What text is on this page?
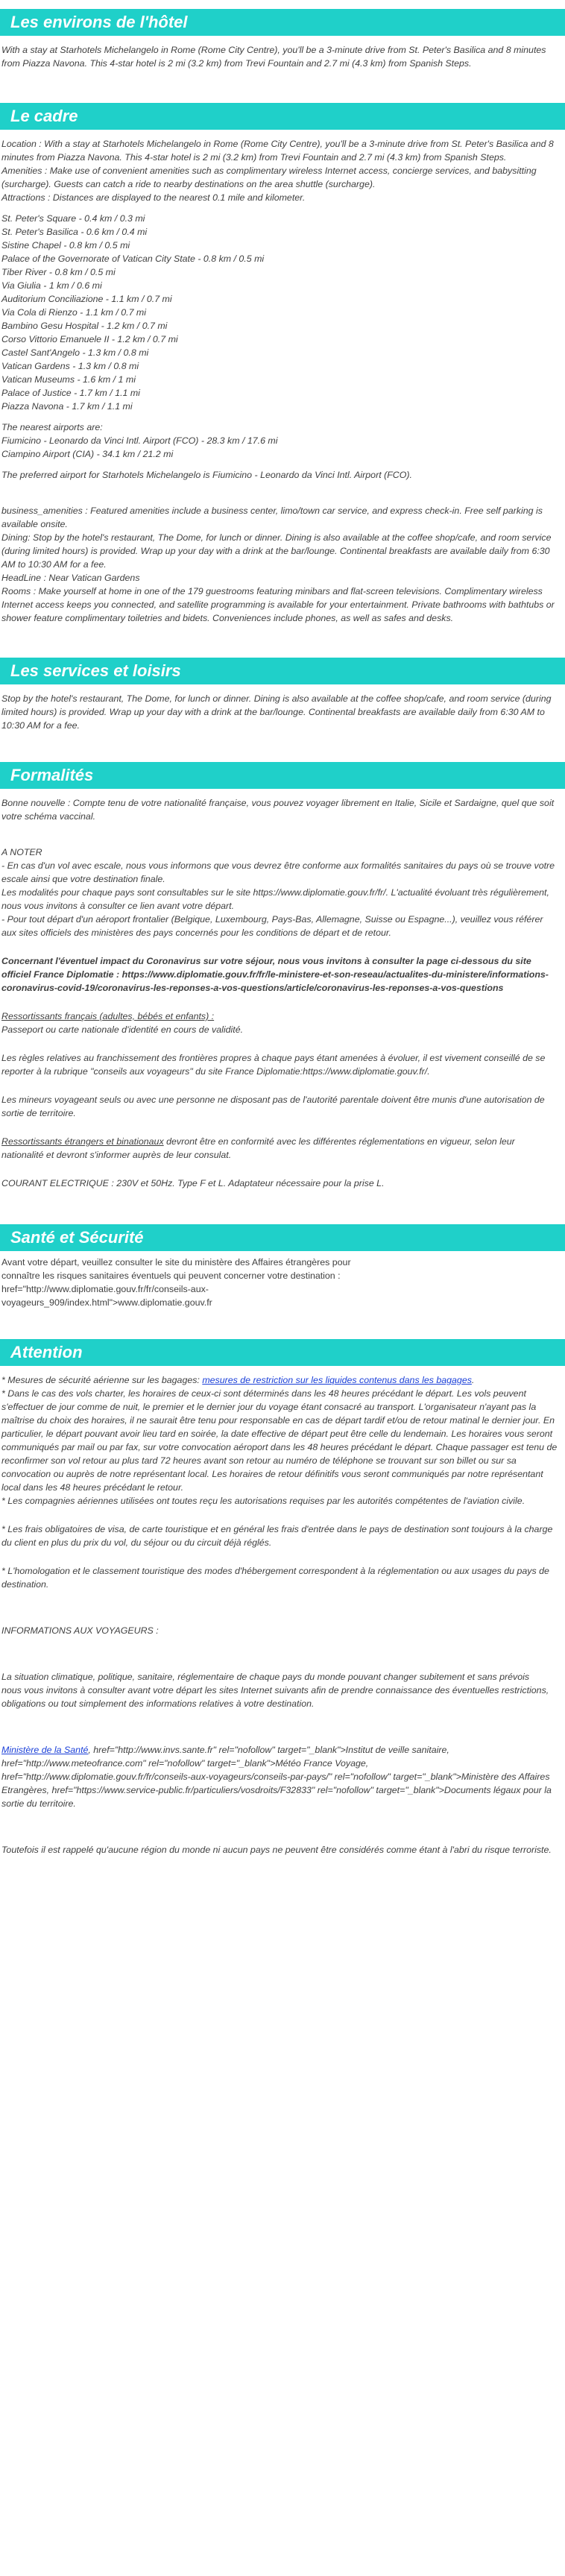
Les environs de l'hôtel

With a stay at Starhotels Michelangelo in Rome (Rome City Centre), you'll be a 3-minute drive from St. Peter's Basilica and 8 minutes from Piazza Navona. This 4-star hotel is 2 mi (3.2 km) from Trevi Fountain and 2.7 mi (4.3 km) from Spanish Steps.

Le cadre

Location : With a stay at Starhotels Michelangelo in Rome (Rome City Centre), you'll be a 3-minute drive from St. Peter's Basilica and 8 minutes from Piazza Navona. This 4-star hotel is 2 mi (3.2 km) from Trevi Fountain and 2.7 mi (4.3 km) from Spanish Steps.

Amenities : Make use of convenient amenities such as complimentary wireless Internet access, concierge services, and babysitting (surcharge). Guests can catch a ride to nearby destinations on the area shuttle (surcharge).

Attractions : Distances are displayed to the nearest 0.1 mile and kilometer.

St. Peter's Square - 0.4 km / 0.3 mi
St. Peter's Basilica - 0.6 km / 0.4 mi
Sistine Chapel - 0.8 km / 0.5 mi
Palace of the Governorate of Vatican City State - 0.8 km / 0.5 mi
Tiber River - 0.8 km / 0.5 mi
Via Giulia - 1 km / 0.6 mi
Auditorium Conciliazione - 1.1 km / 0.7 mi
Via Cola di Rienzo - 1.1 km / 0.7 mi
Bambino Gesu Hospital - 1.2 km / 0.7 mi
Corso Vittorio Emanuele II - 1.2 km / 0.7 mi
Castel Sant'Angelo - 1.3 km / 0.8 mi
Vatican Gardens - 1.3 km / 0.8 mi
Vatican Museums - 1.6 km / 1 mi
Palace of Justice - 1.7 km / 1.1 mi
Piazza Navona - 1.7 km / 1.1 mi

The nearest airports are:

Fiumicino - Leonardo da Vinci Intl. Airport (FCO) - 28.3 km / 17.6 mi
Ciampino Airport (CIA) - 34.1 km / 21.2 mi

The preferred airport for Starhotels Michelangelo is Fiumicino - Leonardo da Vinci Intl. Airport (FCO).

business_amenities : Featured amenities include a business center, limo/town car service, and express check-in. Free self parking is available onsite.

Dining: Stop by the hotel's restaurant, The Dome, for lunch or dinner. Dining is also available at the coffee shop/cafe, and room service (during limited hours) is provided. Wrap up your day with a drink at the bar/lounge. Continental breakfasts are available daily from 6:30 AM to 10:30 AM for a fee.

HeadLine : Near Vatican Gardens

Rooms : Make yourself at home in one of the 179 guestrooms featuring minibars and flat-screen televisions. Complimentary wireless Internet access keeps you connected, and satellite programming is available for your entertainment. Private bathrooms with bathtubs or shower feature complimentary toiletries and bidets. Conveniences include phones, as well as safes and desks.

Les services et loisirs

Stop by the hotel's restaurant, The Dome, for lunch or dinner. Dining is also available at the coffee shop/cafe, and room service (during limited hours) is provided. Wrap up your day with a drink at the bar/lounge. Continental breakfasts are available daily from 6:30 AM to 10:30 AM for a fee.

Formalités

Bonne nouvelle : Compte tenu de votre nationalité française, vous pouvez voyager librement en Italie, Sicile et Sardaigne, quel que soit votre schéma vaccinal.

A NOTER

- En cas d'un vol avec escale, nous vous informons que vous devrez être conforme aux formalités sanitaires du pays où se trouve votre escale ainsi que votre destination finale.

Les modalités pour chaque pays sont consultables sur le site https://www.diplomatie.gouv.fr/fr/. L'actualité évoluant très régulièrement, nous vous invitons à consulter ce lien avant votre départ.

- Pour tout départ d'un aéroport frontalier (Belgique, Luxembourg, Pays-Bas, Allemagne, Suisse ou Espagne...), veuillez vous référer aux sites officiels des ministères des pays concernés pour les conditions de départ et de retour.

Concernant l'éventuel impact du Coronavirus sur votre séjour, nous vous invitons à consulter la page ci-dessous du site officiel France Diplomatie : https://www.diplomatie.gouv.fr/fr/le-ministere-et-son-reseau/actualites-du-ministere/informations-coronavirus-covid-19/coronavirus-les-reponses-a-vos-questions/article/coronavirus-les-reponses-a-vos-questions

Ressortissants français (adultes, bébés et enfants) :

Passeport ou carte nationale d'identité en cours de validité.

Les règles relatives au franchissement des frontières propres à chaque pays étant amenées à évoluer, il est vivement conseillé de se reporter à la rubrique "conseils aux voyageurs" du site France Diplomatie:https://www.diplomatie.gouv.fr/.

Les mineurs voyageant seuls ou avec une personne ne disposant pas de l'autorité parentale doivent être munis d'une autorisation de sortie de territoire.

Ressortissants étrangers et binationaux devront être en conformité avec les différentes réglementations en vigueur, selon leur nationalité et devront s'informer auprès de leur consulat.

COURANT ELECTRIQUE : 230V et 50Hz. Type F et L. Adaptateur nécessaire pour la prise L.

Santé et Sécurité

Avant votre départ, veuillez consulter le site du ministère des Affaires étrangères pour connaître les risques sanitaires éventuels qui peuvent concerner votre destination : href="http://www.diplomatie.gouv.fr/fr/conseils-aux-voyageurs_909/index.html">www.diplomatie.gouv.fr

Attention

* Mesures de sécurité aérienne sur les bagages: mesures de restriction sur les liquides contenus dans les bagages.

* Dans le cas des vols charter, les horaires de ceux-ci sont déterminés dans les 48 heures précédant le départ. Les vols peuvent s'effectuer de jour comme de nuit, le premier et le dernier jour du voyage étant consacré au transport. L'organisateur n'ayant pas la maîtrise du choix des horaires, il ne saurait être tenu pour responsable en cas de départ tardif et/ou de retour matinal le dernier jour. En particulier, le départ pouvant avoir lieu tard en soirée, la date effective de départ peut être celle du lendemain. Les horaires vous seront communiqués par mail ou par fax, sur votre convocation aéroport dans les 48 heures précédant le départ. Chaque passager est tenu de reconfirmer son vol retour au plus tard 72 heures avant son retour au numéro de téléphone se trouvant sur son billet ou sur sa convocation ou auprès de notre représentant local. Les horaires de retour définitifs vous seront communiqués par notre représentant local dans les 48 heures précédant le retour.

* Les compagnies aériennes utilisées ont toutes reçu les autorisations requises par les autorités compétentes de l'aviation civile.

* Les frais obligatoires de visa, de carte touristique et en général les frais d'entrée dans le pays de destination sont toujours à la charge du client en plus du prix du vol, du séjour ou du circuit déjà réglés.

* L'homologation et le classement touristique des modes d'hébergement correspondent à la réglementation ou aux usages du pays de destination.

INFORMATIONS AUX VOYAGEURS :

La situation climatique, politique, sanitaire, réglementaire de chaque pays du monde pouvant changer subitement et sans prévois

nous vous invitons à consulter avant votre départ les sites Internet suivants afin de prendre connaissance des éventuelles restrictions, obligations ou tout simplement des informations relatives à votre destination.

Ministère de la Santé, href="http://www.invs.sante.fr" rel="nofollow" target="_blank">Institut de veille sanitaire, href="http://www.meteofrance.com" rel="nofollow" target="_blank">Météo France Voyage, href="http://www.diplomatie.gouv.fr/fr/conseils-aux-voyageurs/conseils-par-pays/" rel="nofollow" target="_blank">Ministère des Affaires Etrangères, href="https://www.service-public.fr/particuliers/vosdroits/F32833" rel="nofollow" target="_blank">Documents légaux pour la sortie du territoire.

Toutefois il est rappelé qu'aucune région du monde ni aucun pays ne peuvent être considérés comme étant à l'abri du risque terroriste.
